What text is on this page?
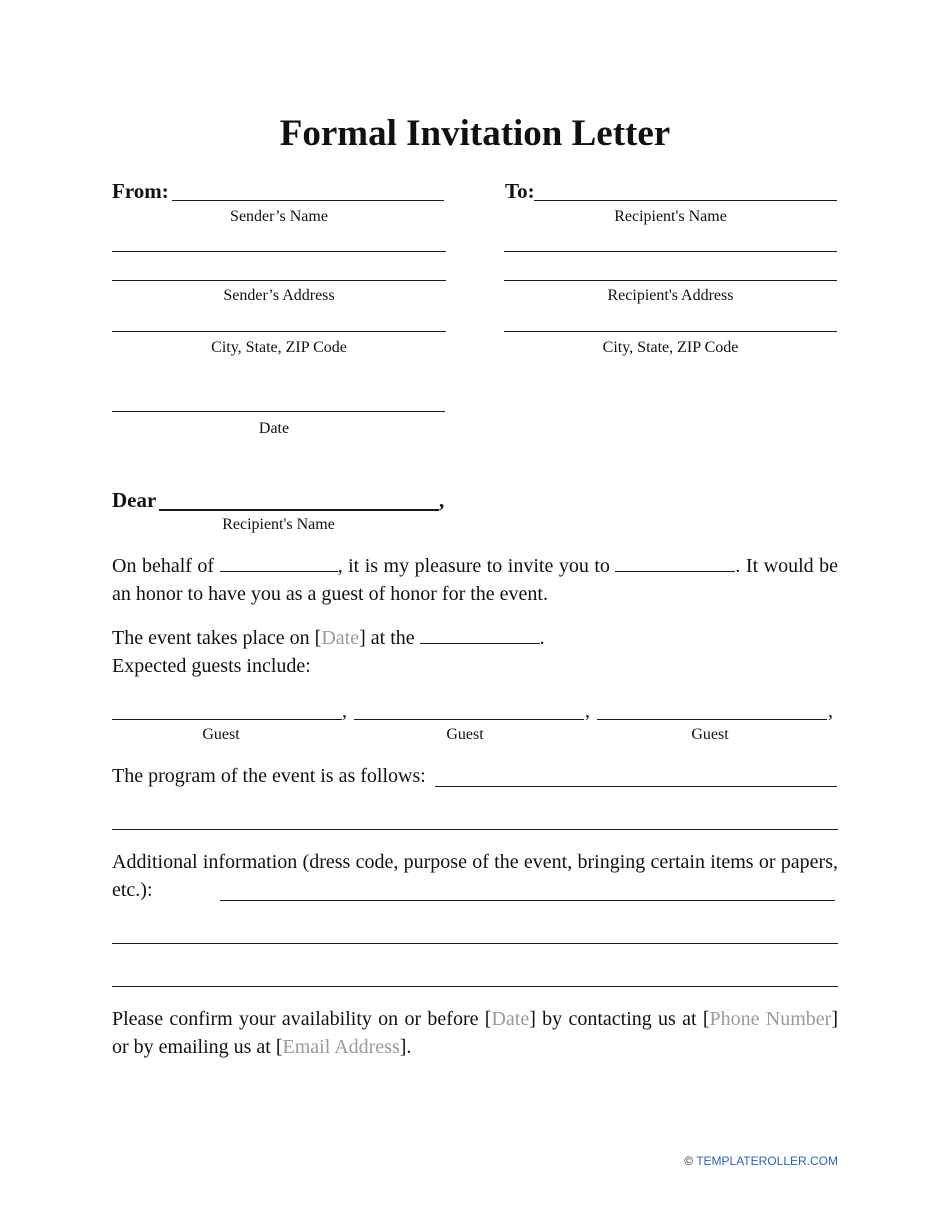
Formal Invitation Letter
From:
Sender’s Name
To:
Recipient's Name
Sender’s Address	Recipient's Address
City, State, ZIP Code	City, State, ZIP Code
Date
Dear	,
Recipient's Name
On behalf of	, it is my pleasure to invite you to	. It would be an honor to have you as a guest of honor for the event.
The event takes place on [Date] at the	.
Expected guests include:
,	,	,
Guest	Guest	Guest
The program of the event is as follows:
Additional information (dress code, purpose of the event, bringing certain items or papers, etc.):
Please confirm your availability on or before [Date] by contacting us at [Phone Number] or by emailing us at [Email Address].
© TEMPLATEROLLER.COM
